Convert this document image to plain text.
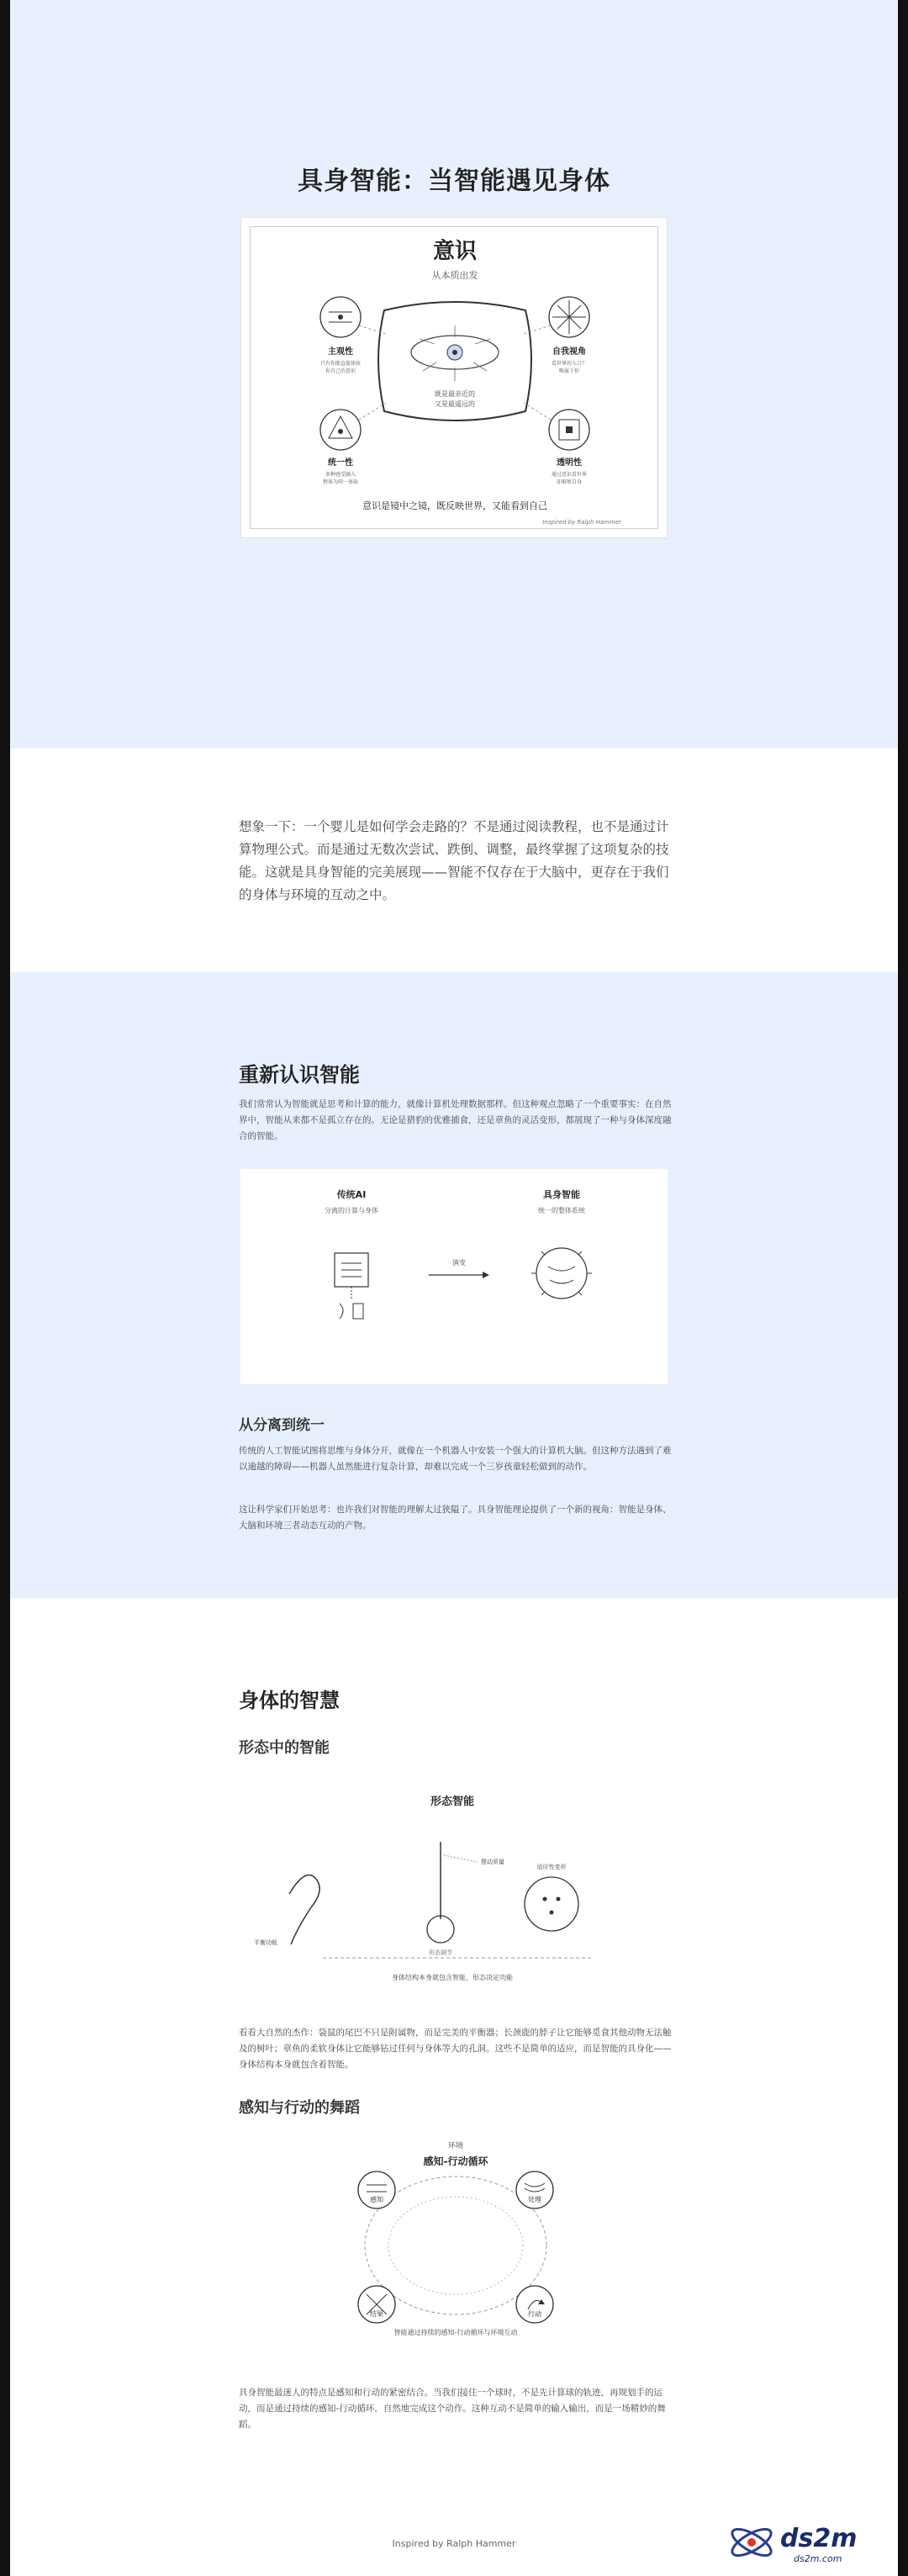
具身智能：当智能遇见身体
意识
从本质出发
既是最亲近的
又是最遥远的
主观性
只有你能直接体验
你自己的意识
自我视角
看世界的入口？
唯属于你
统一性
多种感受融入
整体为同一体验
透明性
通过意识看世界
却难察自身
意识是镜中之镜，既反映世界，又能看到自己
Inspired by Ralph Hammer

想象一下：一个婴儿是如何学会走路的？不是通过阅读教程，也不是通过计算物理公式。而是通过无数次尝试、跌倒、调整，最终掌握了这项复杂的技能。这就是具身智能的完美展现——智能不仅存在于大脑中，更存在于我们的身体与环境的互动之中。

重新认识智能

我们常常认为智能就是思考和计算的能力，就像计算机处理数据那样。但这种观点忽略了一个重要事实：在自然界中，智能从来都不是孤立存在的。无论是猎豹的优雅捕食，还是章鱼的灵活变形，都展现了一种与身体深度融合的智能。

传统AI
分离的计算与身体
演变
具身智能
统一的整体系统
从分离到统一

传统的人工智能试图将思维与身体分开，就像在一个机器人中安装一个强大的计算机大脑。但这种方法遇到了难以逾越的障碍——机器人虽然能进行复杂计算，却难以完成一个三岁孩童轻松做到的动作。

这让科学家们开始思考：也许我们对智能的理解太过狭隘了。具身智能理论提供了一个新的视角：智能是身体、大脑和环境三者动态互动的产物。

身体的智慧
形态中的智能
形态智能
平衡功能
摆动质量
适应性变形
形态调节
身体结构本身就包含智能，形态决定功能

看看大自然的杰作：袋鼠的尾巴不只是附属物，而是完美的平衡器；长颈鹿的脖子让它能够觅食其他动物无法触及的树叶；章鱼的柔软身体让它能够钻过任何与身体等大的孔洞。这些不是简单的适应，而是智能的具身化——身体结构本身就包含着智能。

感知与行动的舞蹈
环境
感知-行动循环
感知	处理
结果	行动
智能通过持续的感知-行动循环与环境互动

具身智能最迷人的特点是感知和行动的紧密结合。当我们接住一个球时，不是先计算球的轨迹，再规划手的运动，而是通过持续的感知-行动循环，自然地完成这个动作。这种互动不是简单的输入输出，而是一场精妙的舞蹈。

Inspired by Ralph Hammer	ds2m
ds2m.com
